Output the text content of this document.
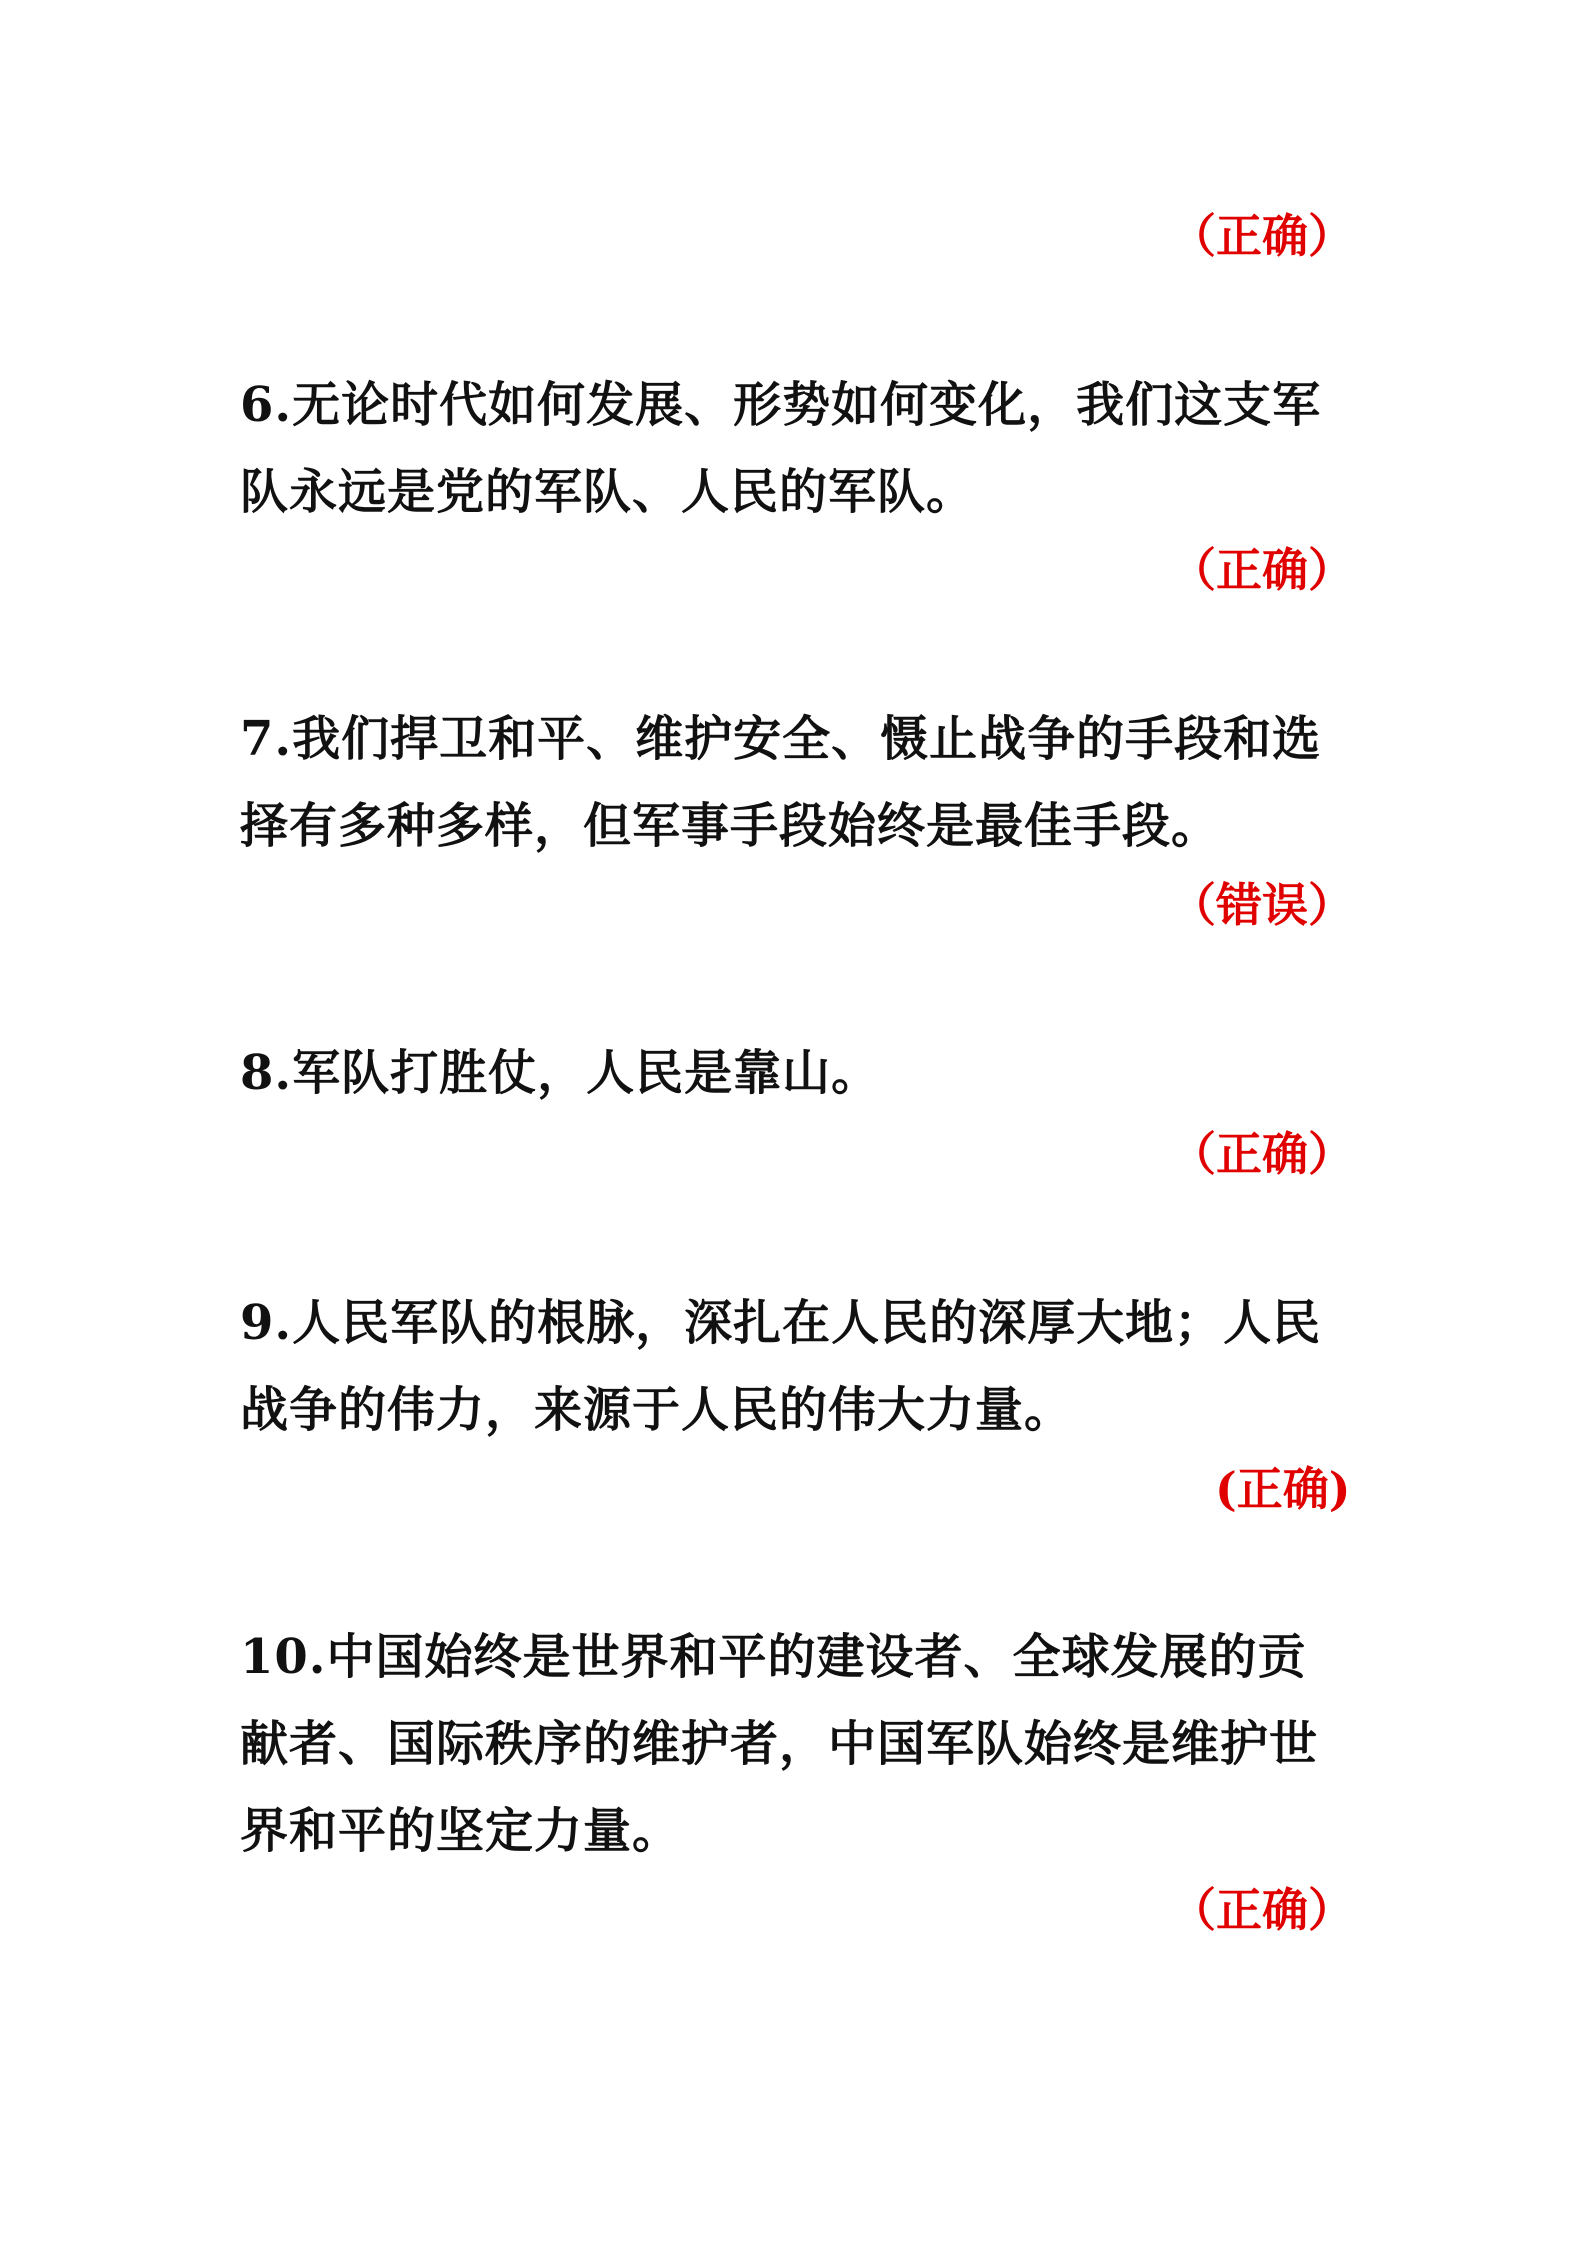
（正确）
6.无论时代如何发展、形势如何变化，我们这支军队永远是党的军队、人民的军队。
（正确）
7.我们捍卫和平、维护安全、慑止战争的手段和选择有多种多样，但军事手段始终是最佳手段。
（错误）
8.军队打胜仗，人民是靠山。
（正确）
9.人民军队的根脉，深扎在人民的深厚大地；人民战争的伟力，来源于人民的伟大力量。
(正确)
10.中国始终是世界和平的建设者、全球发展的贡献者、国际秩序的维护者，中国军队始终是维护世界和平的坚定力量。
（正确）
